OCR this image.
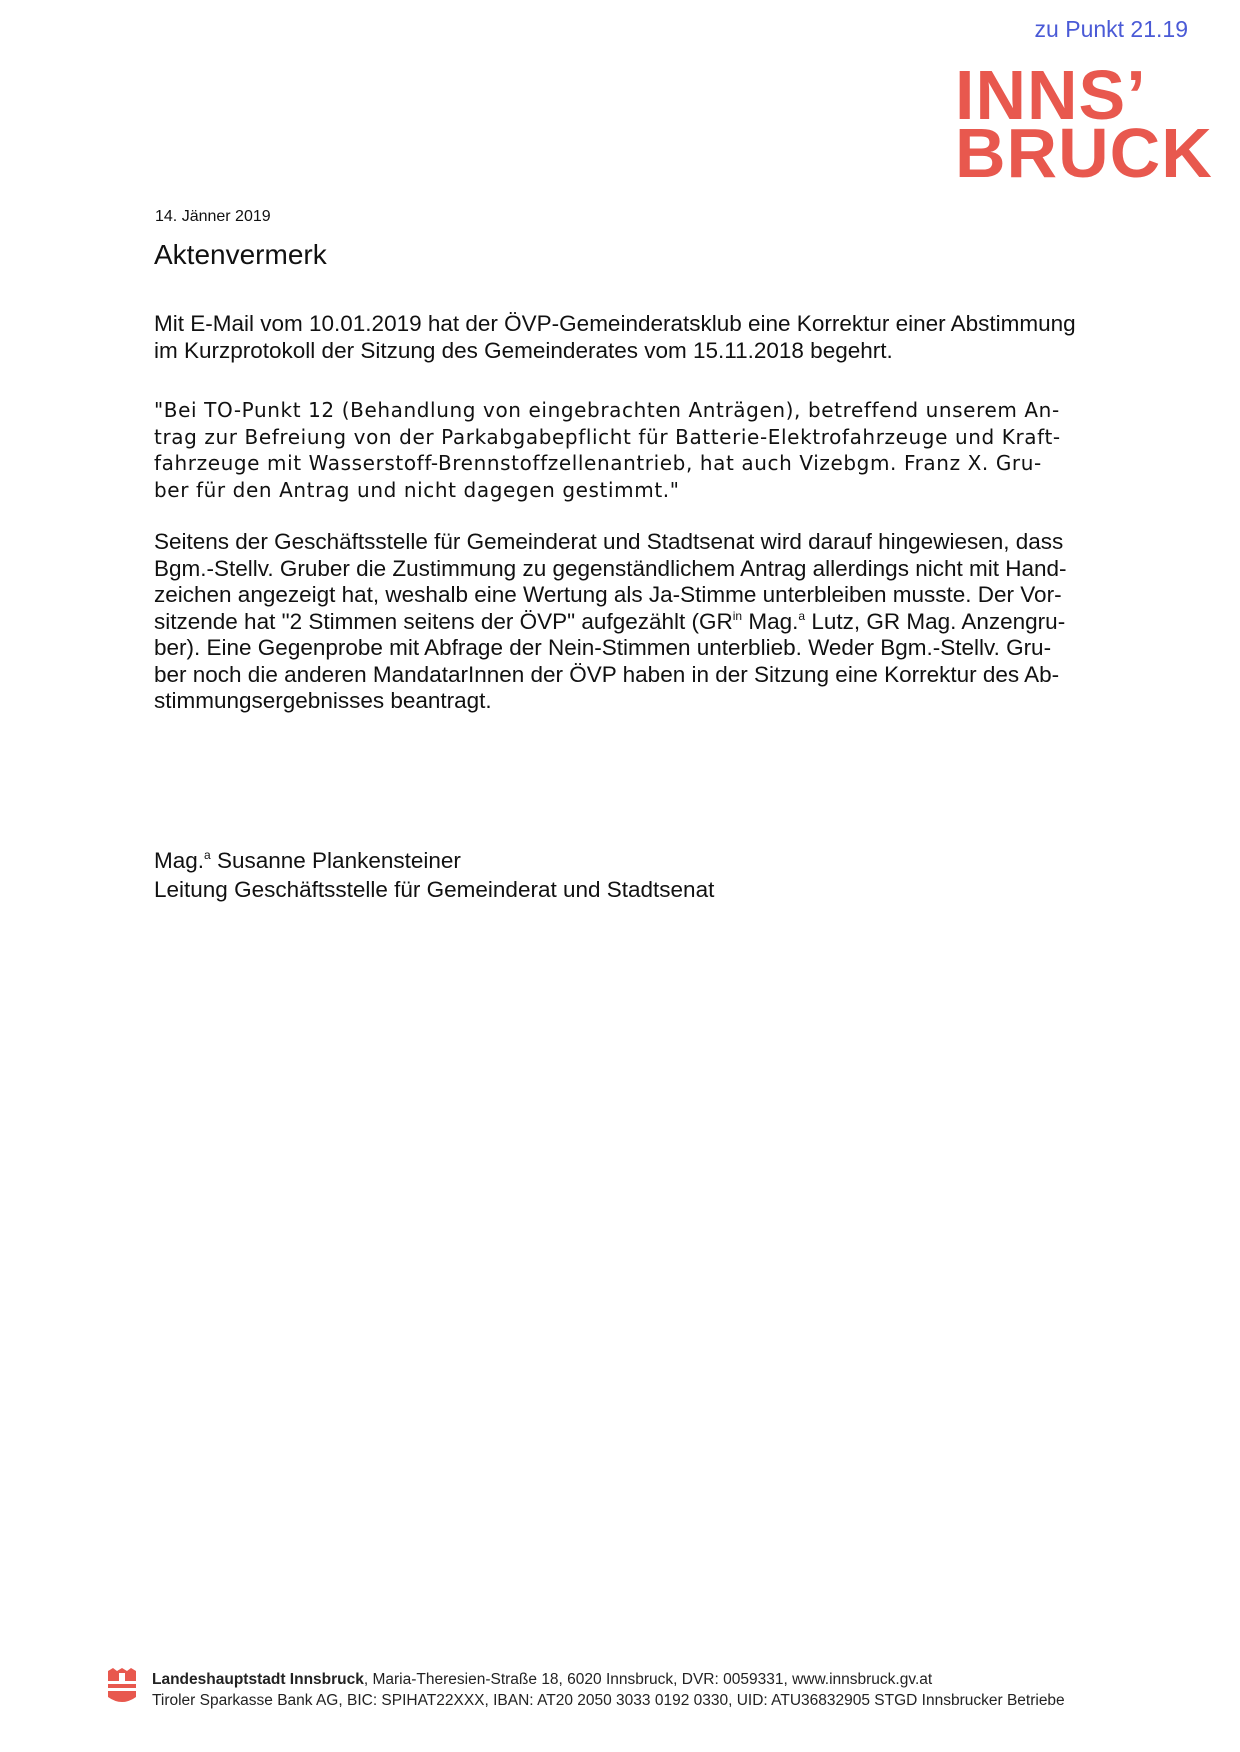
zu Punkt 21.19
INNS’
BRUCK
14. Jänner 2019
Aktenvermerk
Mit E-Mail vom 10.01.2019 hat der ÖVP-Gemeinderatsklub eine Korrektur einer Abstimmung
im Kurzprotokoll der Sitzung des Gemeinderates vom 15.11.2018 begehrt.
"Bei TO-Punkt 12 (Behandlung von eingebrachten Anträgen), betreffend unserem An-
trag zur Befreiung von der Parkabgabepflicht für Batterie-Elektrofahrzeuge und Kraft-
fahrzeuge mit Wasserstoff-Brennstoffzellenantrieb, hat auch Vizebgm. Franz X. Gru-
ber für den Antrag und nicht dagegen gestimmt."
Seitens der Geschäftsstelle für Gemeinderat und Stadtsenat wird darauf hingewiesen, dass
Bgm.-Stellv. Gruber die Zustimmung zu gegenständlichem Antrag allerdings nicht mit Hand-
zeichen angezeigt hat, weshalb eine Wertung als Ja-Stimme unterbleiben musste. Der Vor-
sitzende hat "2 Stimmen seitens der ÖVP" aufgezählt ($GR^{in}$ Mag.$^a$ Lutz, GR Mag. Anzengru-
ber). Eine Gegenprobe mit Abfrage der Nein-Stimmen unterblieb. Weder Bgm.-Stellv. Gru-
ber noch die anderen MandatarInnen der ÖVP haben in der Sitzung eine Korrektur des Ab-
stimmungsergebnisses beantragt.
Mag.$^a$ Susanne Plankensteiner
Leitung Geschäftsstelle für Gemeinderat und Stadtsenat
Landeshauptstadt Innsbruck, Maria-Theresien-Straße 18, 6020 Innsbruck, DVR: 0059331, www.innsbruck.gv.at
Tiroler Sparkasse Bank AG, BIC: SPIHAT22XXX, IBAN: AT20 2050 3033 0192 0330, UID: ATU36832905 STGD Innsbrucker Betriebe
